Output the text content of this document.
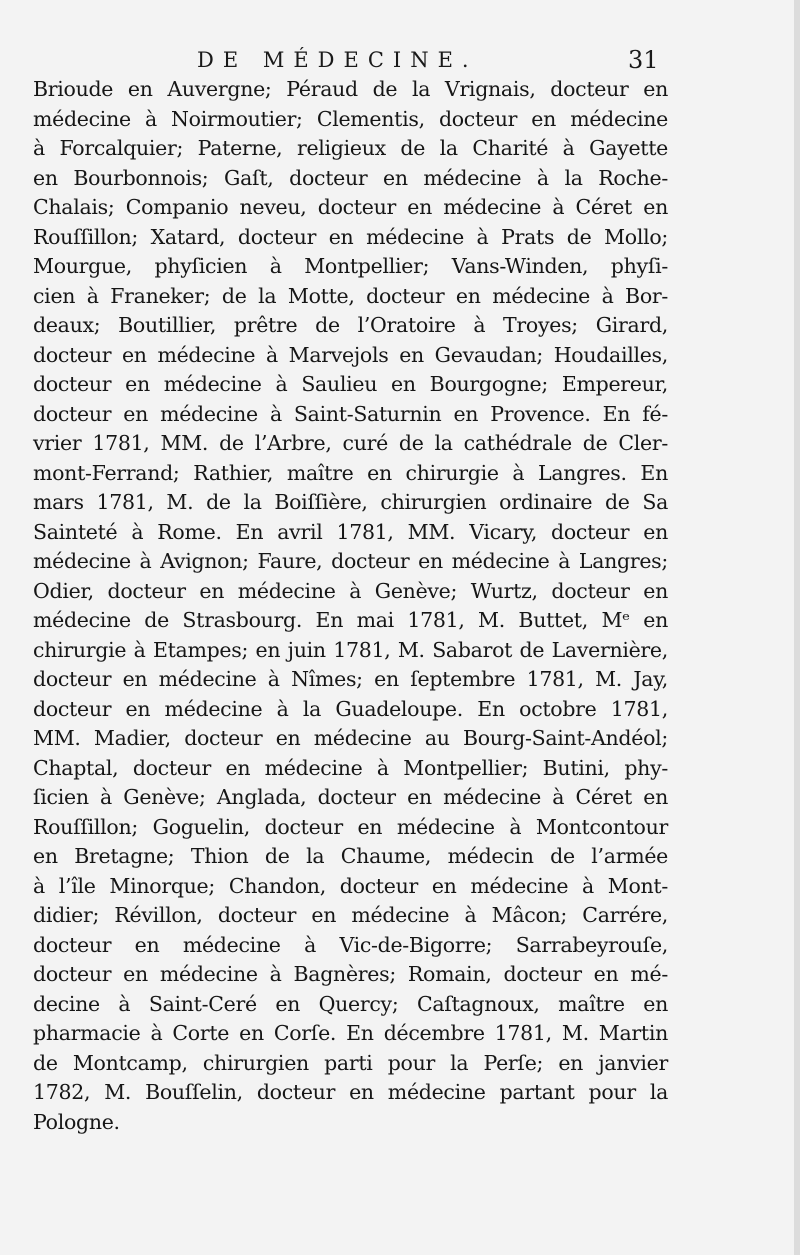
DE MÉDECINE.	31
Brioude en Auvergne; Péraud de la Vrignais, docteur en
médecine à Noirmoutier; Clementis, docteur en médecine
à Forcalquier; Paterne, religieux de la Charité à Gayette
en Bourbonnois; Gaſt, docteur en médecine à la Roche-
Chalais; Companio neveu, docteur en médecine à Céret en
Rouſſillon; Xatard, docteur en médecine à Prats de Mollo;
Mourgue, phyſicien à Montpellier; Vans-Winden, phyſi-
cien à Franeker; de la Motte, docteur en médecine à Bor-
deaux; Boutillier, prêtre de l’Oratoire à Troyes; Girard,
docteur en médecine à Marvejols en Gevaudan; Houdailles,
docteur en médecine à Saulieu en Bourgogne; Empereur,
docteur en médecine à Saint-Saturnin en Provence. En fé-
vrier 1781, MM. de l’Arbre, curé de la cathédrale de Cler-
mont-Ferrand; Rathier, maître en chirurgie à Langres. En
mars 1781, M. de la Boiſſière, chirurgien ordinaire de Sa
Sainteté à Rome. En avril 1781, MM. Vicary, docteur en
médecine à Avignon; Faure, docteur en médecine à Langres;
Odier, docteur en médecine à Genève; Wurtz, docteur en
médecine de Strasbourg. En mai 1781, M. Buttet, Mᵉ en
chirurgie à Etampes; en juin 1781, M. Sabarot de Lavernière,
docteur en médecine à Nîmes; en ſeptembre 1781, M. Jay,
docteur en médecine à la Guadeloupe. En octobre 1781,
MM. Madier, docteur en médecine au Bourg-Saint-Andéol;
Chaptal, docteur en médecine à Montpellier; Butini, phy-
ſicien à Genève; Anglada, docteur en médecine à Céret en
Rouſſillon; Goguelin, docteur en médecine à Montcontour
en Bretagne; Thion de la Chaume, médecin de l’armée
à l’île Minorque; Chandon, docteur en médecine à Mont-
didier; Révillon, docteur en médecine à Mâcon; Carrére,
docteur en médecine à Vic-de-Bigorre; Sarrabeyrouſe,
docteur en médecine à Bagnères; Romain, docteur en mé-
decine à Saint-Ceré en Quercy; Caſtagnoux, maître en
pharmacie à Corte en Corſe. En décembre 1781, M. Martin
de Montcamp, chirurgien parti pour la Perſe; en janvier
1782, M. Bouſſelin, docteur en médecine partant pour la
Pologne.
